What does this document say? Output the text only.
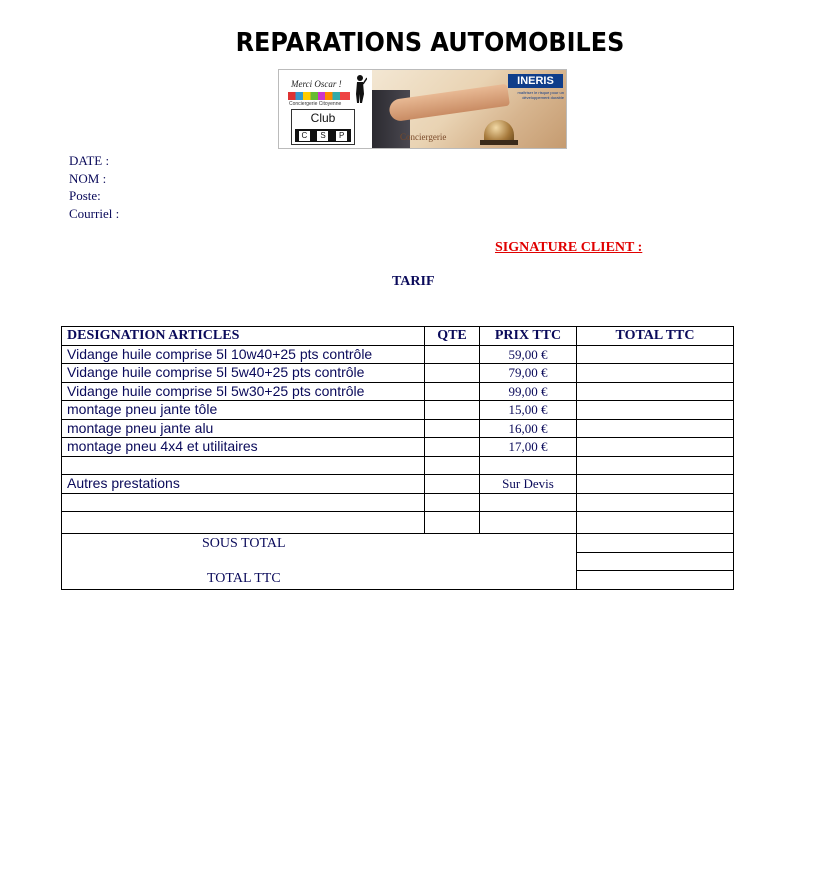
REPARATIONS AUTOMOBILES
Merci Oscar !
Conciergerie Citoyenne
Club
C	S	P
INERIS
maîtriser le risque pour un développement durable
Conciergerie
DATE :
NOM :
Poste:
Courriel :
SIGNATURE CLIENT :
TARIF
DESIGNATION ARTICLES	QTE	PRIX TTC	TOTAL TTC
Vidange huile comprise 5l 10w40+25 pts contrôle		59,00 €	
Vidange huile comprise 5l 5w40+25 pts contrôle		79,00 €	
Vidange huile comprise 5l 5w30+25 pts contrôle		99,00 €	
montage pneu jante tôle		15,00 €	
montage pneu jante alu		16,00 €	
montage pneu 4x4 et utilitaires		17,00 €	

Autres prestations		Sur Devis	

SOUS TOTAL
TOTAL TTC			
